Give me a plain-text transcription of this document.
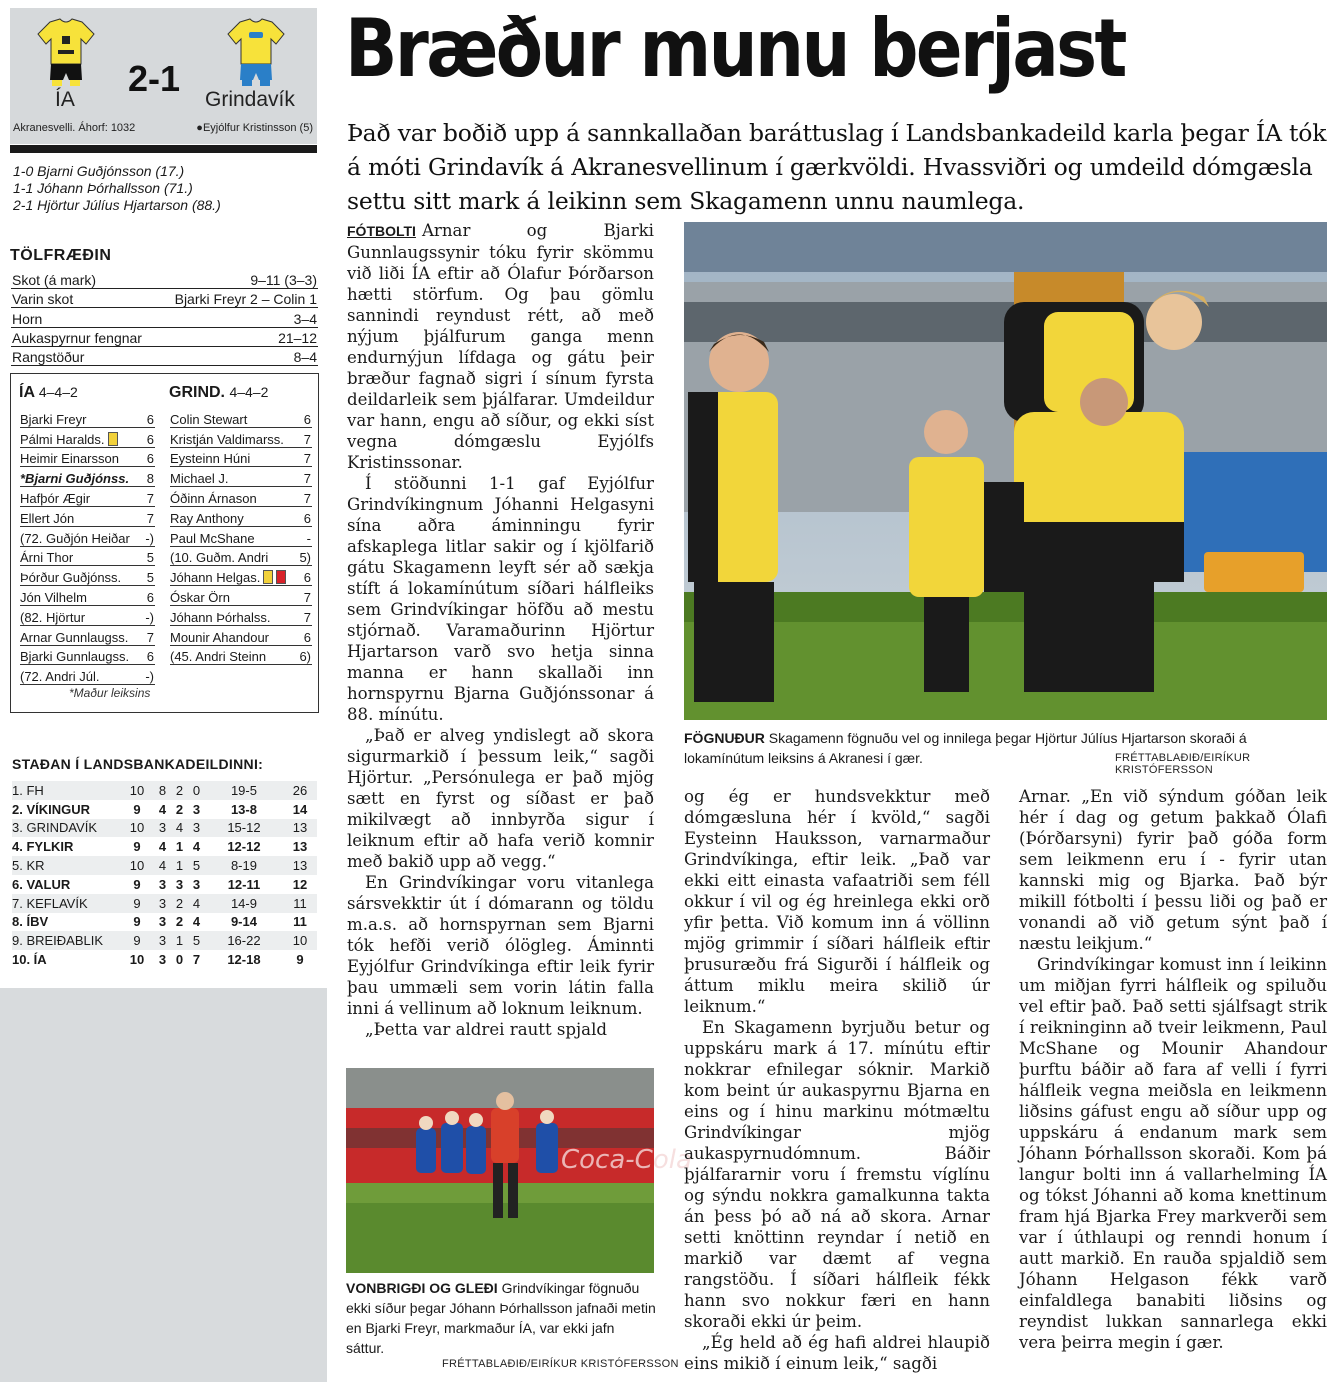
ÍA
2-1
Grindavík
Akranesvelli. Áhorf: 1032	●Eyjólfur Kristinsson (5)
1-0 Bjarni Guðjónsson (17.)
1-1 Jóhann Þórhallsson (71.)
2-1 Hjörtur Júlíus Hjartarson (88.)
TÖLFRÆÐIN
Skot (á mark)	9–11 (3–3)
Varin skot	Bjarki Freyr 2 – Colin 1
Horn	3–4
Aukaspyrnur fengnar	21–12
Rangstöður	8–4
ÍA 4–4–2	GRIND. 4–4–2
Bjarki Freyr	6
Pálmi Haralds.	6
Heimir Einarsson 6
*Bjarni Guðjónss. 8
Hafþór Ægir	7
Ellert Jón	7
(72. Guðjón Heiðar -)
Árni Thor	5
Þórður Guðjónss. 5
Jón Vilhelm	6
(82. Hjörtur	-)
Arnar Gunnlaugss. 7
Bjarki Gunnlaugss. 6
(72. Andri Júl.	-)
Colin Stewart	6
Kristján Valdimarss. 7
Eysteinn Húni	7
Michael J.	7
Óðinn Árnason	7
Ray Anthony	6
Paul McShane	-
(10. Guðm. Andri 5)
Jóhann Helgas.	6
Óskar Örn	7
Jóhann Þórhalss.	7
Mounir Ahandour	6
(45. Andri Steinn	6)
*Maður leiksins
STAÐAN Í LANDSBANKADEILDINNI:
1. FH	10	8	2	0	19-5	26
2. VÍKINGUR	9	4	2	3	13-8	14
3. GRINDAVÍK	10	3	4	3	15-12	13
4. FYLKIR	9	4	1	4	12-12	13
5. KR	10	4	1	5	8-19	13
6. VALUR	9	3	3	3	12-11	12
7. KEFLAVÍK	9	3	2	4	14-9	11
8. ÍBV	9	3	2	4	9-14	11
9. BREIÐABLIK	9	3	1	5	16-22	10
10. ÍA	10	3	0	7	12-18	9
Bræður munu berjast
Það var boðið upp á sannkallaðan baráttuslag í Landsbankadeild karla þegar ÍA tók á móti Grindavík á Akranesvellinum í gærkvöldi. Hvassviðri og umdeild dómgæsla settu sitt mark á leikinn sem Skagamenn unnu naumlega.

FÓTBOLTI Arnar og Bjarki Gunnlaugssynir tóku fyrir skömmu við liði ÍA eftir að Ólafur Þórðarson hætti störfum. Og þau gömlu sannindi reyndust rétt, að með nýjum þjálfurum ganga menn endurnýjun lífdaga og gátu þeir bræður fagnað sigri í sínum fyrsta deildarleik sem þjálfarar. Umdeildur var hann, engu að síður, og ekki síst vegna dómgæslu Eyjólfs Kristinssonar.

Í stöðunni 1-1 gaf Eyjólfur Grindvíkingnum Jóhanni Helgasyni sína aðra áminningu fyrir afskaplega litlar sakir og í kjölfarið gátu Skagamenn leyft sér að sækja stíft á lokamínútum síðari hálfleiks sem Grindvíkingar höfðu að mestu stjórnað. Varamaðurinn Hjörtur Hjartarson varð svo hetja sinna manna er hann skallaði inn hornspyrnu Bjarna Guðjónssonar á 88. mínútu.

„Það er alveg yndislegt að skora sigurmarkið í þessum leik,“ sagði Hjörtur. „Persónulega er það mjög sætt en fyrst og síðast er það mikilvægt að innbyrða sigur í leiknum eftir að hafa verið komnir með bakið upp að vegg.“

En Grindvíkingar voru vitanlega sársvekktir út í dómarann og töldu m.a.s. að hornspyrnan sem Bjarni tók hefði verið ólögleg. Áminnti Eyjólfur Grindvíkinga eftir leik fyrir þau ummæli sem vorin látin falla inni á vellinum að loknum leiknum.

„Þetta var aldrei rautt spjald

Coca-Cola
VONBRIGÐI OG GLEÐI Grindvíkingar fögnuðu ekki síður þegar Jóhann Þórhallsson jafnaði metin en Bjarki Freyr, markmaður ÍA, var ekki jafn sáttur.
FRÉTTABLAÐIÐ/EIRÍKUR KRISTÓFERSSON
FÖGNUÐUR Skagamenn fögnuðu vel og innilega þegar Hjörtur Júlíus Hjartarson skoraði á lokamínútum leiksins á Akranesi í gær.	FRÉTTABLAÐIÐ/EIRÍKUR KRISTÓFERSSON

og ég er hundsvekktur með dómgæsluna hér í kvöld,“ sagði Eysteinn Hauksson, varnarmaður Grindvíkinga, eftir leik. „Það var ekki eitt einasta vafaatriði sem féll okkur í vil og ég hreinlega ekki orð yfir þetta. Við komum inn á völlinn mjög grimmir í síðari hálfleik eftir þrusuræðu frá Sigurði í hálfleik og áttum miklu meira skilið úr leiknum.“

En Skagamenn byrjuðu betur og uppskáru mark á 17. mínútu eftir nokkrar efnilegar sóknir. Markið kom beint úr aukaspyrnu Bjarna en eins og í hinu markinu mótmæltu Grindvíkingar mjög aukaspyrnudómnum. Báðir þjálfararnir voru í fremstu víglínu og sýndu nokkra gamalkunna takta án þess þó að ná að skora. Arnar setti knöttinn reyndar í netið en markið var dæmt af vegna rangstöðu. Í síðari hálfleik fékk hann svo nokkur færi en hann skoraði ekki úr þeim.

„Ég held að ég hafi aldrei hlaupið eins mikið í einum leik,“ sagði

Arnar. „En við sýndum góðan leik hér í dag og getum þakkað Ólafi (Þórðarsyni) fyrir það góða form sem leikmenn eru í - fyrir utan kannski mig og Bjarka. Það býr mikill fótbolti í þessu liði og það er vonandi að við getum sýnt það í næstu leikjum.“

Grindvíkingar komust inn í leikinn um miðjan fyrri hálfleik og spiluðu vel eftir það. Það setti sjálfsagt strik í reikninginn að tveir leikmenn, Paul McShane og Mounir Ahandour þurftu báðir að fara af velli í fyrri hálfleik vegna meiðsla en leikmenn liðsins gáfust engu að síður upp og uppskáru á endanum mark sem Jóhann Þórhallsson skoraði. Kom þá langur bolti inn á vallarhelming ÍA og tókst Jóhanni að koma knettinum fram hjá Bjarka Frey markverði sem var í úthlaupi og renndi honum í autt markið. En rauða spjaldið sem Jóhann Helgason fékk varð einfaldlega banabiti liðsins og reyndist lukkan sannarlega ekki vera þeirra megin í gær.
